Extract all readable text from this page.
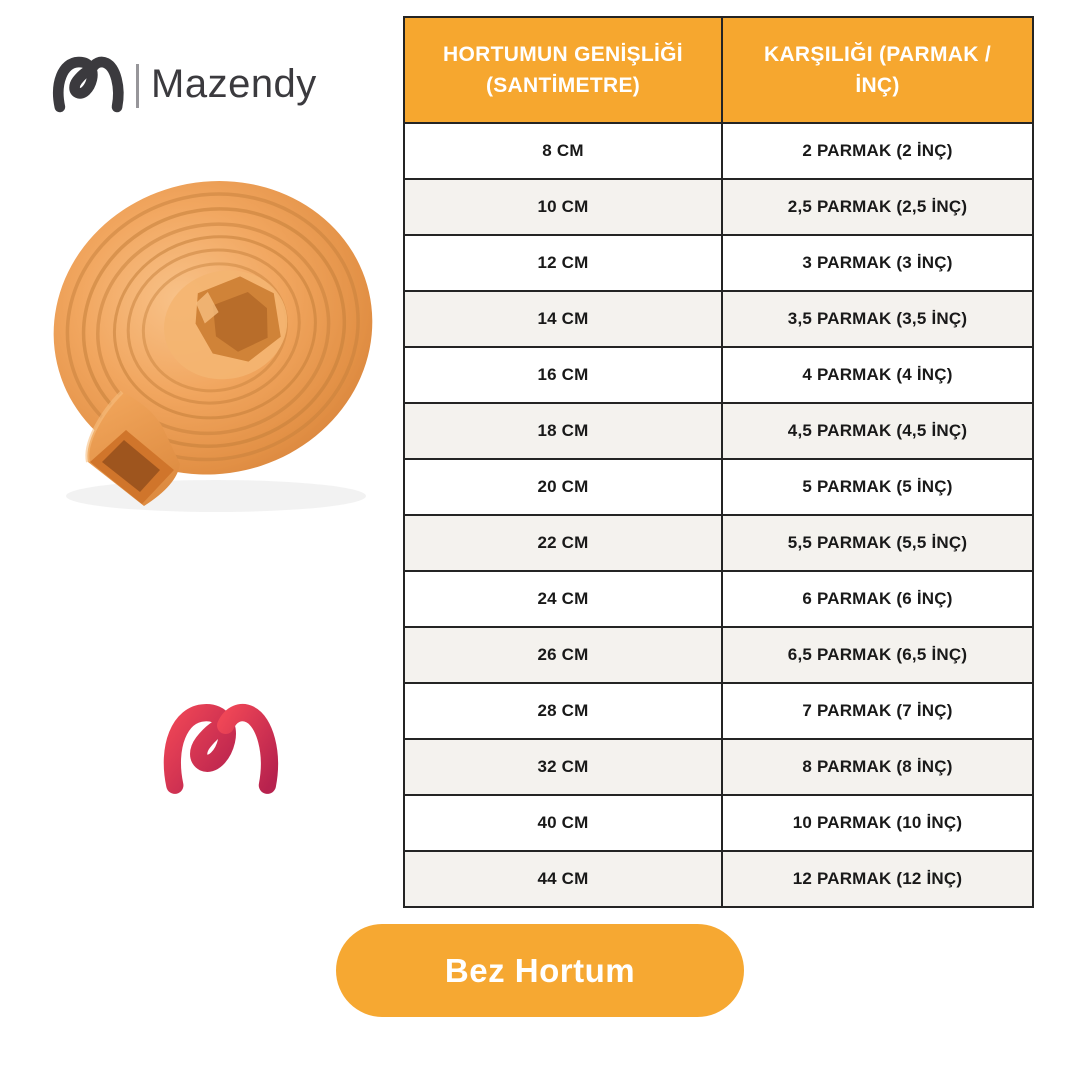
Mazendy
HORTUMUN GENİŞLİĞİ (SANTİMETRE)	KARŞILIĞI (PARMAK / İNÇ)
8 CM	2 PARMAK (2 İNÇ)
10 CM	2,5 PARMAK (2,5 İNÇ)
12 CM	3 PARMAK (3 İNÇ)
14 CM	3,5 PARMAK (3,5 İNÇ)
16 CM	4 PARMAK (4 İNÇ)
18 CM	4,5 PARMAK (4,5 İNÇ)
20 CM	5 PARMAK (5 İNÇ)
22 CM	5,5 PARMAK (5,5 İNÇ)
24 CM	6 PARMAK (6 İNÇ)
26 CM	6,5 PARMAK (6,5 İNÇ)
28 CM	7 PARMAK (7 İNÇ)
32 CM	8 PARMAK (8 İNÇ)
40 CM	10 PARMAK (10 İNÇ)
44 CM	12 PARMAK (12 İNÇ)
Bez Hortum
